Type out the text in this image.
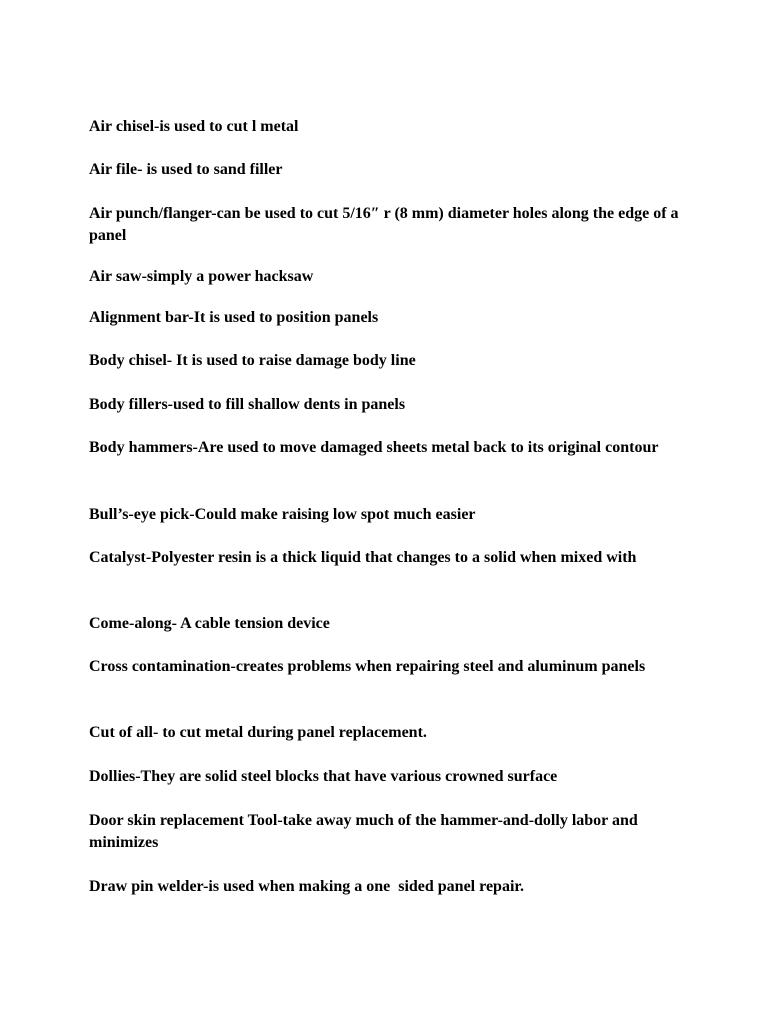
Air chisel-is used to cut l metal

Air file- is used to sand filler

Air punch/flanger-can be used to cut 5/16″ r (8 mm) diameter holes along the edge of a panel

Air saw-simply a power hacksaw

Alignment bar-It is used to position panels

Body chisel- It is used to raise damage body line

Body fillers-used to fill shallow dents in panels

Body hammers-Are used to move damaged sheets metal back to its original contour

Bull’s-eye pick-Could make raising low spot much easier

Catalyst-Polyester resin is a thick liquid that changes to a solid when mixed with

Come-along- A cable tension device

Cross contamination-creates problems when repairing steel and aluminum panels

Cut of all- to cut metal during panel replacement.

Dollies-They are solid steel blocks that have various crowned surface

Door skin replacement Tool-take away much of the hammer-and-dolly labor and minimizes

Draw pin welder-is used when making a one  sided panel repair.
